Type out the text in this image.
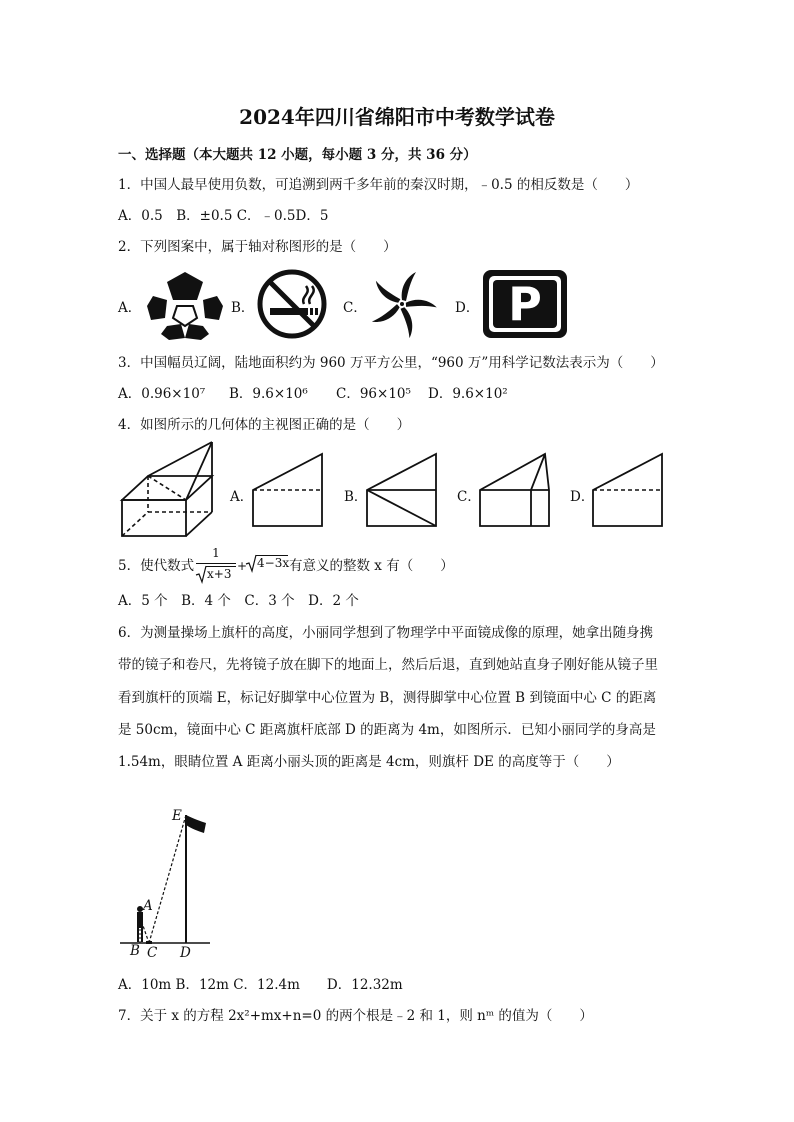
2024年四川省绵阳市中考数学试卷
一、选择题（本大题共 12 小题，每小题 3 分，共 36 分）
1．中国人最早使用负数，可追溯到两千多年前的秦汉时期，﹣0.5 的相反数是（　　）
A．0.5　B．±0.5 C．﹣0.5D．5
2．下列图案中，属于轴对称图形的是（　　）
A．	B．	C．	D． P
3．中国幅员辽阔，陆地面积约为 960 万平方公里，“960 万”用科学记数法表示为（　　）
A．0.96×10⁷ B．9.6×10⁶ C．96×10⁵ D．9.6×10²
4．如图所示的几何体的主视图正确的是（　　）
A．	B．	C．	D．
5．使代数式
1
x+3
+ 4−3x 有意义的整数 x 有（　　）
A．5 个　B．4 个　C．3 个　D．2 个
6．为测量操场上旗杆的高度，小丽同学想到了物理学中平面镜成像的原理，她拿出随身携
带的镜子和卷尺，先将镜子放在脚下的地面上，然后后退，直到她站直身子刚好能从镜子里
看到旗杆的顶端 E，标记好脚掌中心位置为 B，测得脚掌中心位置 B 到镜面中心 C 的距离
是 50cm，镜面中心 C 距离旗杆底部 D 的距离为 4m，如图所示．已知小丽同学的身高是
1.54m，眼睛位置 A 距离小丽头顶的距离是 4cm，则旗杆 DE 的高度等于（　　）
E
A
B C D
A．10m B．12m C．12.4m　　D．12.32m
7．关于 x 的方程 2x²+mx+n=0 的两个根是﹣2 和 1，则 nᵐ 的值为（　　）
